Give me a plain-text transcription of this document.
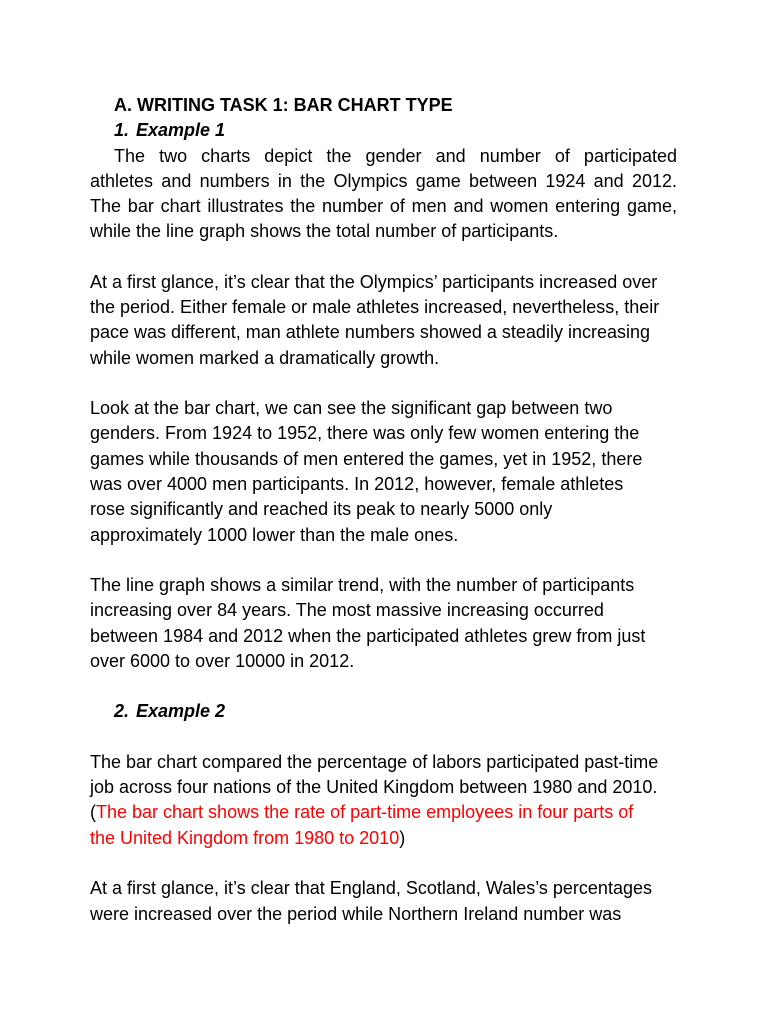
A. WRITING TASK 1: BAR CHART TYPE
1. Example 1
The two charts depict the gender and number of participated
athletes and numbers in the Olympics game between 1924 and 2012.
The bar chart illustrates the number of men and women entering game,
while the line graph shows the total number of participants.
At a first glance, it’s clear that the Olympics’ participants increased over
the period. Either female or male athletes increased, nevertheless, their
pace was different, man athlete numbers showed a steadily increasing
while women marked a dramatically growth.
Look at the bar chart, we can see the significant gap between two
genders. From 1924 to 1952, there was only few women entering the
games while thousands of men entered the games, yet in 1952, there
was over 4000 men participants. In 2012, however, female athletes
rose significantly and reached its peak to nearly 5000 only
approximately 1000 lower than the male ones.
The line graph shows a similar trend, with the number of participants
increasing over 84 years. The most massive increasing occurred
between 1984 and 2012 when the participated athletes grew from just
over 6000 to over 10000 in 2012.
2. Example 2
The bar chart compared the percentage of labors participated past-time
job across four nations of the United Kingdom between 1980 and 2010.
(The bar chart shows the rate of part-time employees in four parts of
the United Kingdom from 1980 to 2010)
At a first glance, it’s clear that England, Scotland, Wales’s percentages
were increased over the period while Northern Ireland number was
